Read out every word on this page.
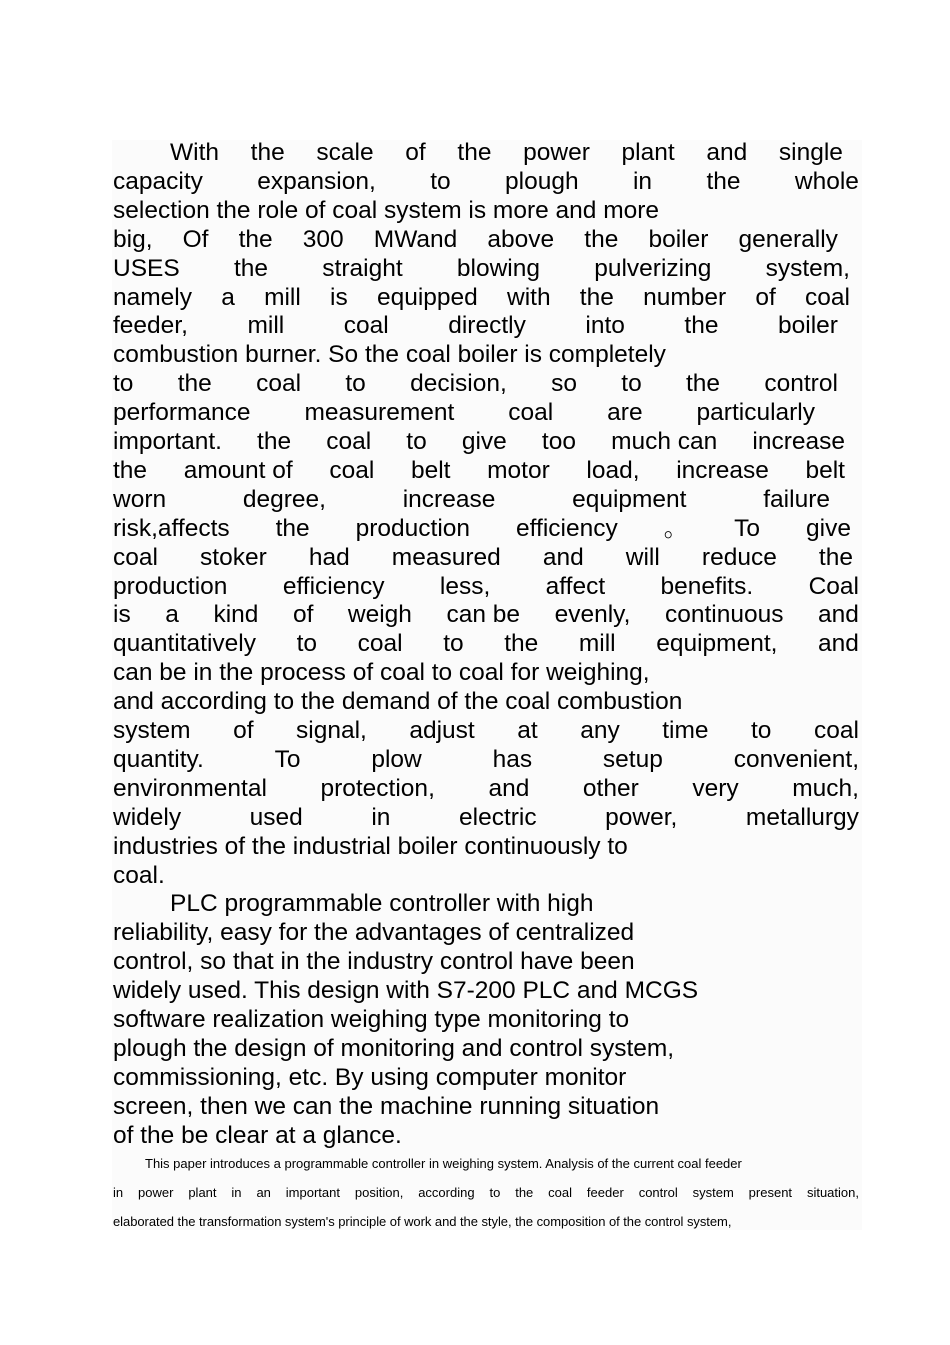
With the scale of the power plant and single
capacity expansion, to plough in the whole
selection the role of coal system is more and more
big, Of the 300 MWand above the boiler generally
USES the straight blowing pulverizing system,
namely a mill is equipped with the number of coal
feeder, mill coal directly into the boiler
combustion burner. So the coal boiler is completely
to the coal to decision, so to the control
performance measurement coal are particularly
important. the coal to give too much can increase
the amount of coal belt motor load, increase belt
worn	degree,	increase	equipment	failure
risk,affects the production efficiency 。 To give
coal stoker had measured and will reduce the
production efficiency less, affect benefits. Coal
is a kind of weigh can be evenly, continuous and
quantitatively to coal to the mill equipment, and
can be in the process of coal to coal for weighing,
and according to the demand of the coal combustion
system of signal, adjust at any time to coal
quantity.	To	plow	has	setup	convenient,
environmental protection, and other very much,
widely	used	in	electric	power,	metallurgy
industries of the industrial boiler continuously to
coal.
PLC programmable controller with high
reliability, easy for the advantages of centralized
control, so that in the industry control have been
widely used. This design with S7-200 PLC and MCGS
software realization weighing type monitoring to
plough the design of monitoring and control system,
commissioning, etc. By using computer monitor
screen, then we can the machine running situation
of the be clear at a glance.
This paper introduces a programmable controller in weighing system. Analysis of the current coal feeder
in power plant in an important position, according to the coal feeder control system present situation,
elaborated the transformation system's principle of work and the style, the composition of the control system,
